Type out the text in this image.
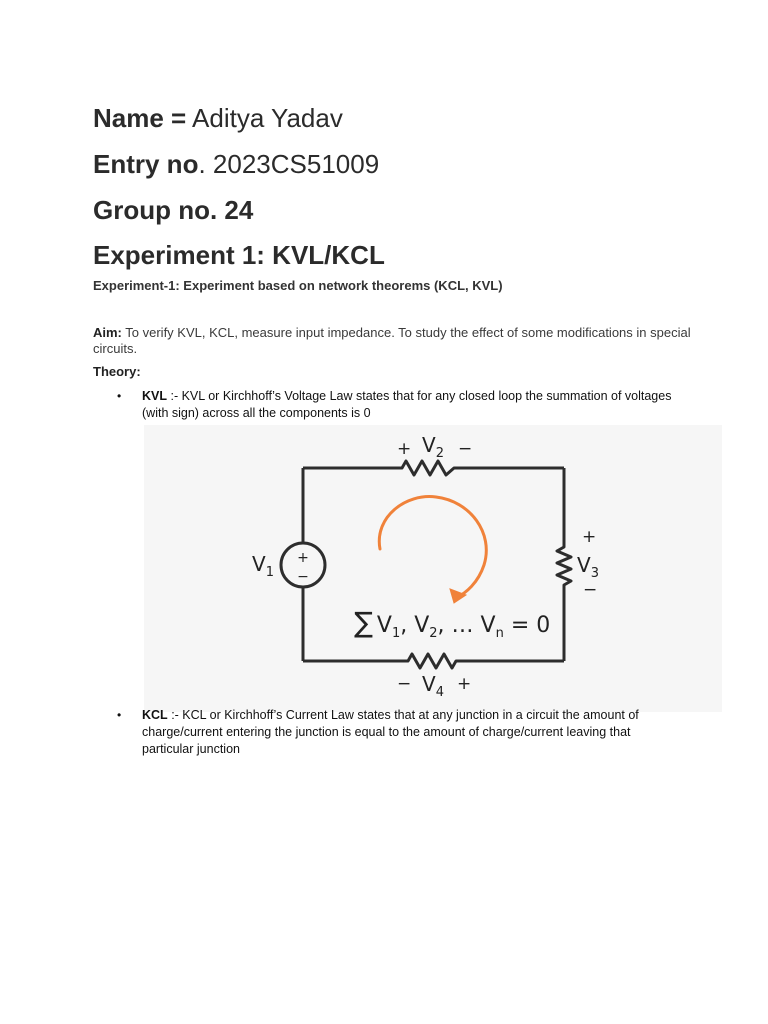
Name = Aditya Yadav
Entry no. 2023CS51009
Group no. 24
Experiment 1: KVL/KCL
Experiment-1: Experiment based on network theorems (KCL, KVL)
Aim: To verify KVL, KCL, measure input impedance. To study the effect of some modifications in special circuits.
Theory:
• KVL :- KVL or Kirchhoff’s Voltage Law states that for any closed loop the summation of voltages (with sign) across all the components is 0
+
−
$V_1$
+ $V_2$ −
+
$V_3$
−
− $V_4$ +
∑ $V_1$, $V_2$, … $V_n = 0$
• KCL :- KCL or Kirchhoff’s Current Law states that at any junction in a circuit the amount of charge/current entering the junction is equal to the amount of charge/current leaving that particular junction
